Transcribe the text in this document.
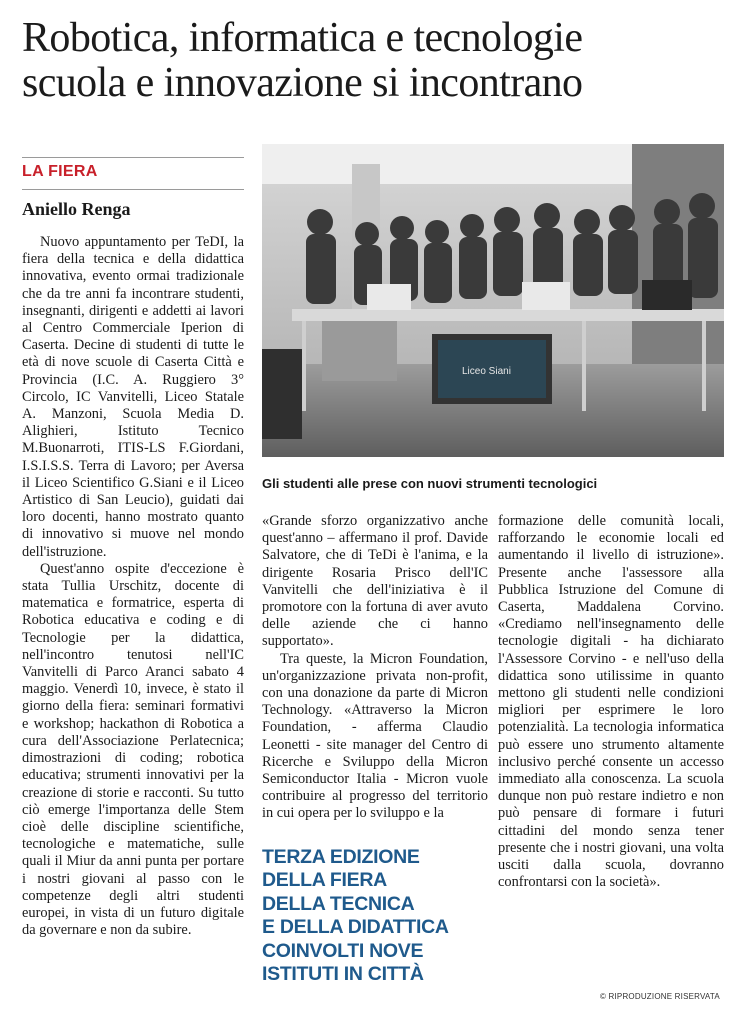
Robotica, informatica e tecnologie
scuola e innovazione si incontrano
LA FIERA
Aniello Renga

Nuovo appuntamento per TeDI, la fiera della tecnica e della didattica innovativa, evento ormai tradizionale che da tre anni fa incontrare studenti, insegnanti, dirigenti e addetti ai lavori al Centro Commerciale Iperion di Caserta. Decine di studenti di tutte le età di nove scuole di Caserta Città e Provincia (I.C. A. Ruggiero 3° Circolo, IC Vanvitelli, Liceo Statale A. Manzoni, Scuola Media D. Alighieri, Istituto Tecnico M.Buonarroti, ITIS-LS F.Giordani, I.S.I.S.S. Terra di Lavoro; per Aversa il Liceo Scientifico G.Siani e il Liceo Artistico di San Leucio), guidati dai loro docenti, hanno mostrato quanto di innovativo si muove nel mondo dell'istruzione.

Quest'anno ospite d'eccezione è stata Tullia Urschitz, docente di matematica e formatrice, esperta di Robotica educativa e coding e di Tecnologie per la didattica, nell'incontro tenutosi nell'IC Vanvitelli di Parco Aranci sabato 4 maggio. Venerdì 10, invece, è stato il giorno della fiera: seminari formativi e workshop; hackathon di Robotica a cura dell'Associazione Perlatecnica; dimostrazioni di coding; robotica educativa; strumenti innovativi per la creazione di storie e racconti. Su tutto ciò emerge l'importanza delle Stem cioè delle discipline scientifiche, tecnologiche e matematiche, sulle quali il Miur da anni punta per portare i nostri giovani al passo con le competenze degli altri studenti europei, in vista di un futuro digitale da governare e non da subire.

Liceo Siani
Gli studenti alle prese con nuovi strumenti tecnologici

«Grande sforzo organizzativo anche quest'anno – affermano il prof. Davide Salvatore, che di TeDi è l'anima, e la dirigente Rosaria Prisco dell'IC Vanvitelli che dell'iniziativa è il promotore con la fortuna di aver avuto delle aziende che ci hanno supportato».

Tra queste, la Micron Foundation, un'organizzazione privata non-profit, con una donazione da parte di Micron Technology. «Attraverso la Micron Foundation, - afferma Claudio Leonetti - site manager del Centro di Ricerche e Sviluppo della Micron Semiconductor Italia - Micron vuole contribuire al progresso del territorio in cui opera per lo sviluppo e la

formazione delle comunità locali, rafforzando le economie locali ed aumentando il livello di istruzione». Presente anche l'assessore alla Pubblica Istruzione del Comune di Caserta, Maddalena Corvino. «Crediamo nell'insegnamento delle tecnologie digitali - ha dichiarato l'Assessore Corvino - e nell'uso della didattica sono utilissime in quanto mettono gli studenti nelle condizioni migliori per esprimere le loro potenzialità. La tecnologia informatica può essere uno strumento altamente inclusivo perché consente un accesso immediato alla conoscenza. La scuola dunque non può restare indietro e non può pensare di formare i futuri cittadini del mondo senza tener presente che i nostri giovani, una volta usciti dalla scuola, dovranno confrontarsi con la società».

TERZA EDIZIONE
DELLA FIERA
DELLA TECNICA
E DELLA DIDATTICA
COINVOLTI NOVE
ISTITUTI IN CITTÀ
© RIPRODUZIONE RISERVATA
